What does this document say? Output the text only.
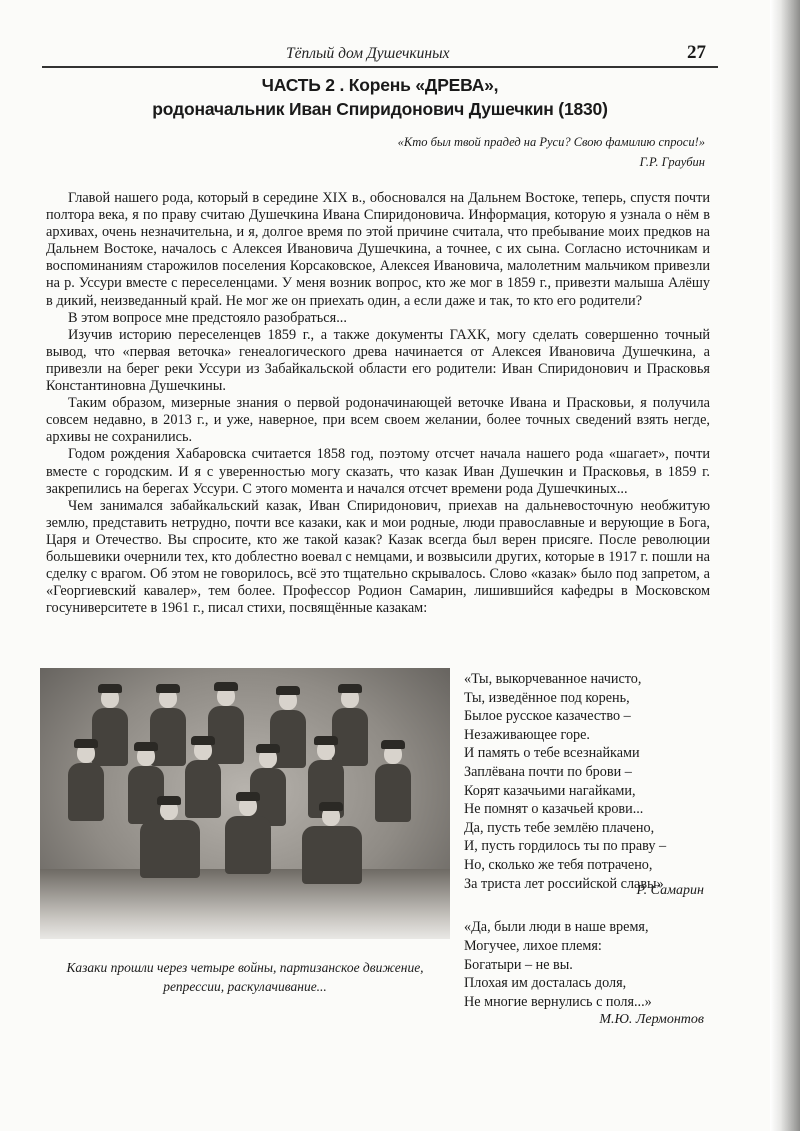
Тёплый дом Душечкиных	27
ЧАСТЬ 2 . Корень «ДРЕВА»,
родоначальник Иван Спиридонович Душечкин (1830)
«Кто был твой прадед на Руси? Свою фамилию спроси!»
Г.Р. Граубин

Главой нашего рода, который в середине XIX в., обосновался на Дальнем Востоке, теперь, спустя почти полтора века, я по праву считаю Душечкина Ивана Спиридоновича. Информация, которую я узнала о нём в архивах, очень незначительна, и я, долгое время по этой причине считала, что пребывание моих предков на Дальнем Востоке, началось с Алексея Ивановича Душечкина, а точнее, с их сына. Согласно источникам и воспоминаниям старожилов поселения Корсаковское, Алексея Ивановича, малолетним мальчиком привезли на р. Уссури вместе с переселенцами. У меня возник вопрос, кто же мог в 1859 г., привезти малыша Алёшу в дикий, неизведанный край. Не мог же он приехать один, а если даже и так, то кто его родители?

В этом вопросе мне предстояло разобраться...

Изучив историю переселенцев 1859 г., а также документы ГАХК, могу сделать совершенно точный вывод, что «первая веточка» генеалогического древа начинается от Алексея Ивановича Душечкина, а привезли на берег реки Уссури из Забайкальской области его родители: Иван Спиридонович и Прасковья Константиновна Душечкины.

Таким образом, мизерные знания о первой родоначинающей веточке Ивана и Прасковьи, я получила совсем недавно, в 2013 г., и уже, наверное, при всем своем желании, более точных сведений взять негде, архивы не сохранились.

Годом рождения Хабаровска считается 1858 год, поэтому отсчет начала нашего рода «шагает», почти вместе с городским. И я с уверенностью могу сказать, что казак Иван Душечкин и Прасковья, в 1859 г. закрепились на берегах Уссури. С этого момента и начался отсчет времени рода Душечкиных...

Чем занимался забайкальский казак, Иван Спиридонович, приехав на дальневосточную необжитую землю, представить нетрудно, почти все казаки, как и мои родные, люди православные и верующие в Бога, Царя и Отечество. Вы спросите, кто же такой казак? Казак всегда был верен присяге. После революции большевики очернили тех, кто доблестно воевал с немцами, и возвысили других, которые в 1917 г. пошли на сделку с врагом. Об этом не говорилось, всё это тщательно скрывалось. Слово «казак» было под запретом, а «Георгиевский кавалер», тем более. Профессор Родион Самарин, лишившийся кафедры в Московском госуниверситете в 1961 г., писал стихи, посвящённые казакам:

Казаки прошли через четыре войны, партизанское движение,
репрессии, раскулачивание...
«Ты, выкорчеванное начисто,
Ты, изведённое под корень,
Былое русское казачество –
Незаживающее горе.
И память о тебе всезнайками
Заплёвана почти по брови –
Корят казачьими нагайками,
Не помнят о казачьей крови...
Да, пусть тебе землёю плачено,
И, пусть гордилось ты по праву –
Но, сколько же тебя потрачено,
За триста лет российской славы»
Р. Самарин
«Да, были люди в наше время,
Могучее, лихое племя:
Богатыри – не вы.
Плохая им досталась доля,
Не многие вернулись с поля...»
М.Ю. Лермонтов
